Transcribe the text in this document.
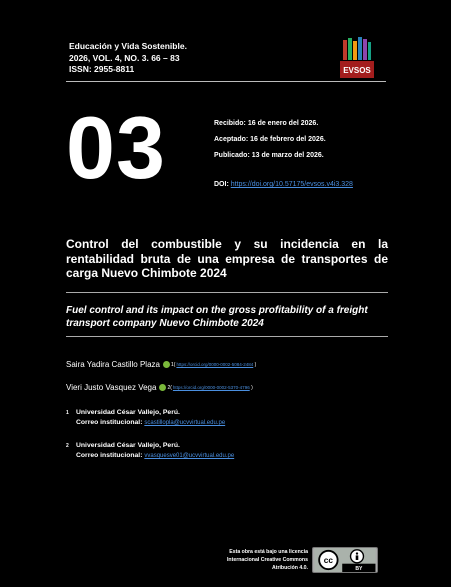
Educación y Vida Sostenible.
2026, VOL. 4, NO. 3. 66 – 83
ISSN: 2955-8811	EVSOS
03	Recibido: 16 de enero del 2026.
Aceptado: 16 de febrero del 2026.
Publicado: 13 de marzo del 2026.
DOI: https://doi.org/10.57175/evsos.v4i3.328
Control del combustible y su incidencia en la rentabilidad bruta de una empresa de transportes de carga Nuevo Chimbote 2024
Fuel control and its impact on the gross profitability of a freight transport company Nuevo Chimbote 2024
Saira Yadira Castillo Plaza 1 ( https://orcid.org/0000-0002-5084-2484 )
Vieri Justo Vasquez Vega 2 ( https://orcid.org/0000-0002-5370-4796 )
1 Universidad César Vallejo, Perú.
Correo institucional: scastillopla@ucvvirtual.edu.pe
2 Universidad César Vallejo, Perú.
Correo institucional: vvasquesve01@ucvvirtual.edu.pe
Esta obra está bajo una licencia
Internacional Creative Commons
Atribución 4.0.
cc
BY
